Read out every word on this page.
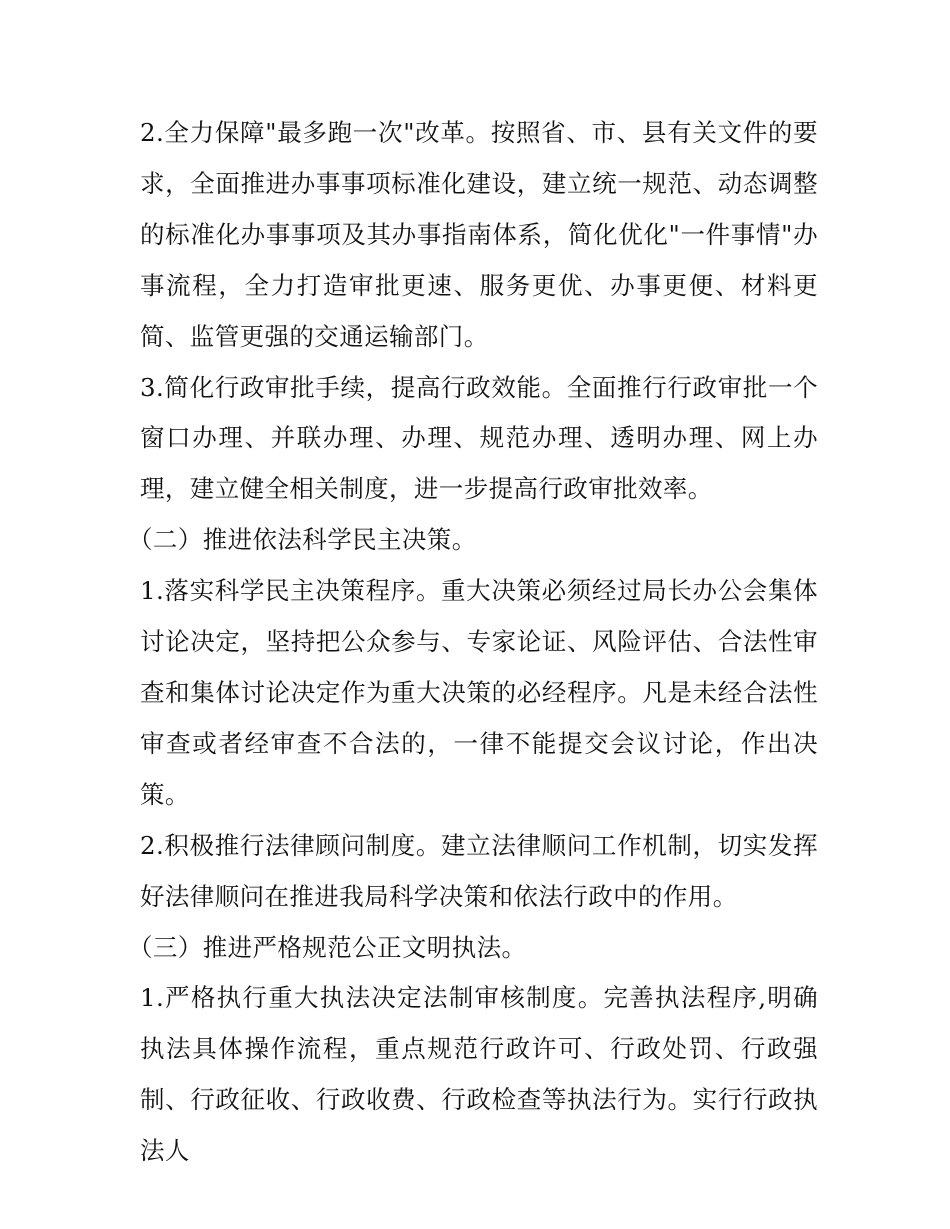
2.全力保障"最多跑一次"改革。按照省、市、县有关文件的要求，全面推进办事事项标准化建设，建立统一规范、动态调整的标准化办事事项及其办事指南体系，简化优化"一件事情"办事流程，全力打造审批更速、服务更优、办事更便、材料更简、监管更强的交通运输部门。

3.简化行政审批手续，提高行政效能。全面推行行政审批一个窗口办理、并联办理、办理、规范办理、透明办理、网上办理，建立健全相关制度，进一步提高行政审批效率。

（二）推进依法科学民主决策。

1.落实科学民主决策程序。重大决策必须经过局长办公会集体讨论决定，坚持把公众参与、专家论证、风险评估、合法性审查和集体讨论决定作为重大决策的必经程序。凡是未经合法性审查或者经审查不合法的，一律不能提交会议讨论，作出决策。

2.积极推行法律顾问制度。建立法律顺问工作机制，切实发挥好法律顺问在推进我局科学决策和依法行政中的作用。

（三）推进严格规范公正文明执法。

1.严格执行重大执法决定法制审核制度。完善执法程序,明确执法具体操作流程，重点规范行政许可、行政处罚、行政强制、行政征收、行政收费、行政检查等执法行为。实行行政执法人
